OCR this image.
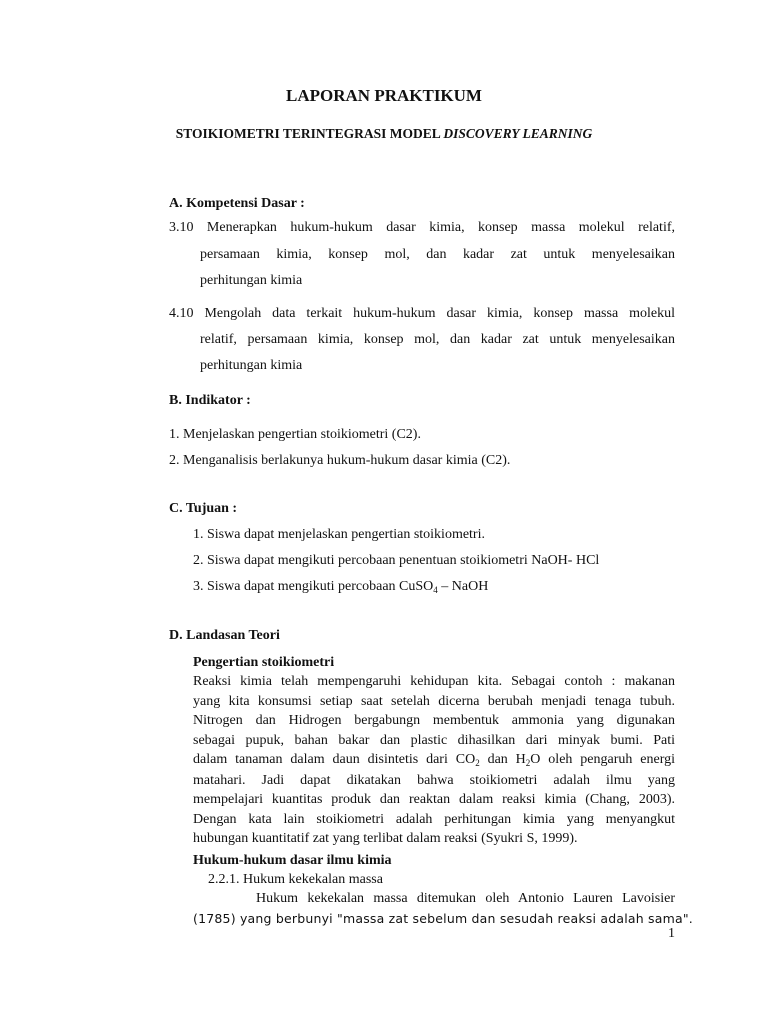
LAPORAN PRAKTIKUM
STOIKIOMETRI TERINTEGRASI MODEL DISCOVERY LEARNING
A. Kompetensi Dasar :
3.10 Menerapkan hukum-hukum dasar kimia, konsep massa molekul relatif,
persamaan kimia, konsep mol, dan kadar zat untuk menyelesaikan
perhitungan kimia
4.10 Mengolah data terkait hukum-hukum dasar kimia, konsep massa molekul
relatif, persamaan kimia, konsep mol, dan kadar zat untuk menyelesaikan
perhitungan kimia
B. Indikator :
1. Menjelaskan pengertian stoikiometri (C2).
2. Menganalisis berlakunya hukum-hukum dasar kimia (C2).
C. Tujuan :
1. Siswa dapat menjelaskan pengertian stoikiometri.
2. Siswa dapat mengikuti percobaan penentuan stoikiometri NaOH- HCl
3. Siswa dapat mengikuti percobaan CuSO$_4$ – NaOH
D. Landasan Teori
Pengertian stoikiometri
Reaksi kimia telah mempengaruhi kehidupan kita. Sebagai contoh : makanan
yang kita konsumsi setiap saat setelah dicerna berubah menjadi tenaga tubuh.
Nitrogen dan Hidrogen bergabungn membentuk ammonia yang digunakan
sebagai pupuk, bahan bakar dan plastic dihasilkan dari minyak bumi. Pati
dalam tanaman dalam daun disintetis dari $CO_2$ dan $H_2O$ oleh pengaruh energi
matahari. Jadi dapat dikatakan bahwa stoikiometri adalah ilmu yang
mempelajari kuantitas produk dan reaktan dalam reaksi kimia (Chang, 2003).
Dengan kata lain stoikiometri adalah perhitungan kimia yang menyangkut
hubungan kuantitatif zat yang terlibat dalam reaksi (Syukri S, 1999).
Hukum-hukum dasar ilmu kimia
2.2.1. Hukum kekekalan massa
Hukum kekekalan massa ditemukan oleh Antonio Lauren Lavoisier
(1785) yang berbunyi "massa zat sebelum dan sesudah reaksi adalah sama".
1
